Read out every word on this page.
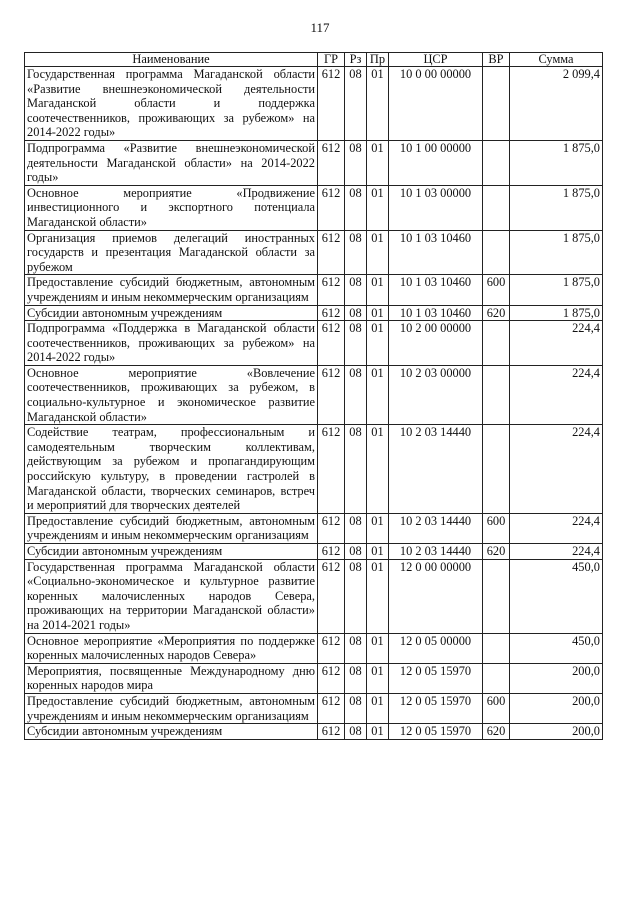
117
Наименование	ГР	Рз	Пр	ЦСР	ВР	Сумма
Государственная программа Магаданской области «Развитие внешнеэкономической деятельности Магаданской области и поддержка соотечественников, проживающих за рубежом» на 2014-2022 годы»	612	08	01	10 0 00 00000		2 099,4
Подпрограмма «Развитие внешнеэкономической деятельности Магаданской области» на 2014-2022 годы»	612	08	01	10 1 00 00000		1 875,0
Основное мероприятие «Продвижение инвестиционного и экспортного потенциала Магаданской области»	612	08	01	10 1 03 00000		1 875,0
Организация приемов делегаций иностранных государств и презентация Магаданской области за рубежом	612	08	01	10 1 03 10460		1 875,0
Предоставление субсидий бюджетным, автономным учреждениям и иным некоммерческим организациям	612	08	01	10 1 03 10460	600	1 875,0
Субсидии автономным учреждениям	612	08	01	10 1 03 10460	620	1 875,0
Подпрограмма «Поддержка в Магаданской области соотечественников, проживающих за рубежом» на 2014-2022 годы»	612	08	01	10 2 00 00000		224,4
Основное мероприятие «Вовлечение соотечественников, проживающих за рубежом, в социально-культурное и экономическое развитие Магаданской области»	612	08	01	10 2 03 00000		224,4
Содействие театрам, профессиональным и самодеятельным творческим коллективам, действующим за рубежом и пропагандирующим российскую культуру, в проведении гастролей в Магаданской области, творческих семинаров, встреч и мероприятий для творческих деятелей	612	08	01	10 2 03 14440		224,4
Предоставление субсидий бюджетным, автономным учреждениям и иным некоммерческим организациям	612	08	01	10 2 03 14440	600	224,4
Субсидии автономным учреждениям	612	08	01	10 2 03 14440	620	224,4
Государственная программа Магаданской области «Социально-экономическое и культурное развитие коренных малочисленных народов Севера, проживающих на территории Магаданской области» на 2014-2021 годы»	612	08	01	12 0 00 00000		450,0
Основное мероприятие «Мероприятия по поддержке коренных малочисленных народов Севера»	612	08	01	12 0 05 00000		450,0
Мероприятия, посвященные Международному дню коренных народов мира	612	08	01	12 0 05 15970		200,0
Предоставление субсидий бюджетным, автономным учреждениям и иным некоммерческим организациям	612	08	01	12 0 05 15970	600	200,0
Субсидии автономным учреждениям	612	08	01	12 0 05 15970	620	200,0
